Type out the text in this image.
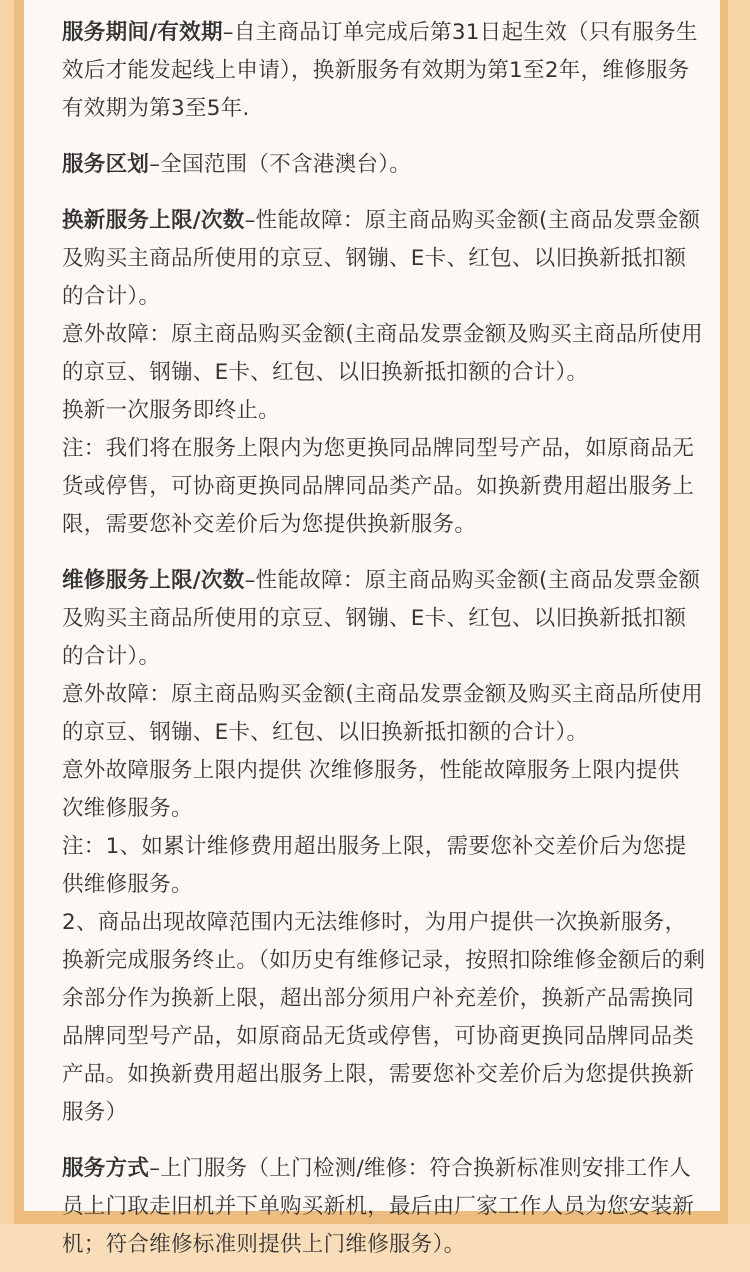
服务期间/有效期–自主商品订单完成后第31日起生效（只有服务生效后才能发起线上申请），换新服务有效期为第1至2年，维修服务有效期为第3至5年.

服务区划–全国范围（不含港澳台）。

换新服务上限/次数–性能故障：原主商品购买金额(主商品发票金额及购买主商品所使用的京豆、钢镚、E卡、红包、以旧换新抵扣额的合计）。

意外故障：原主商品购买金额(主商品发票金额及购买主商品所使用的京豆、钢镚、E卡、红包、以旧换新抵扣额的合计）。

换新一次服务即终止。

注：我们将在服务上限内为您更换同品牌同型号产品，如原商品无货或停售，可协商更换同品牌同品类产品。如换新费用超出服务上限，需要您补交差价后为您提供换新服务。

维修服务上限/次数–性能故障：原主商品购买金额(主商品发票金额及购买主商品所使用的京豆、钢镚、E卡、红包、以旧换新抵扣额的合计）。

意外故障：原主商品购买金额(主商品发票金额及购买主商品所使用的京豆、钢镚、E卡、红包、以旧换新抵扣额的合计）。

意外故障服务上限内提供 次维修服务，性能故障服务上限内提供 次维修服务。

注：1、如累计维修费用超出服务上限，需要您补交差价后为您提供维修服务。

2、商品出现故障范围内无法维修时，为用户提供一次换新服务，换新完成服务终止。（如历史有维修记录，按照扣除维修金额后的剩余部分作为换新上限，超出部分须用户补充差价，换新产品需换同品牌同型号产品，如原商品无货或停售，可协商更换同品牌同品类产品。如换新费用超出服务上限，需要您补交差价后为您提供换新服务）

服务方式–上门服务（上门检测/维修：符合换新标准则安排工作人员上门取走旧机并下单购买新机，最后由厂家工作人员为您安装新机；符合维修标准则提供上门维修服务）。
